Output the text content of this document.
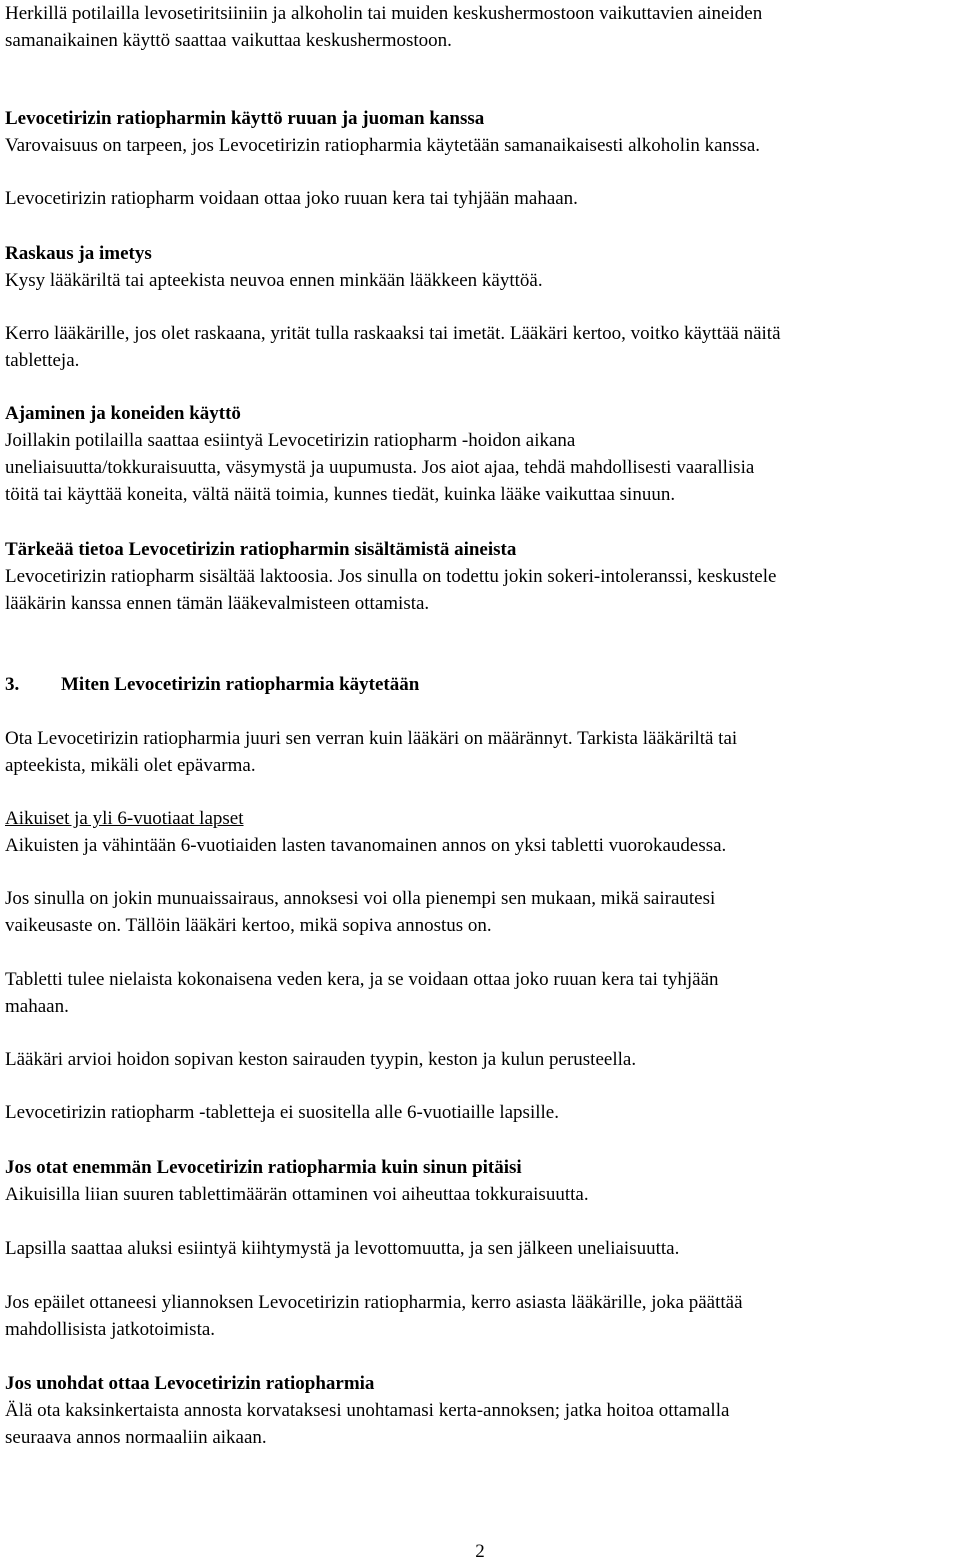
Herkillä potilailla levosetiritsiiniin ja alkoholin tai muiden keskushermostoon vaikuttavien aineiden
samanaikainen käyttö saattaa vaikuttaa keskushermostoon.

Levocetirizin ratiopharmin käyttö ruuan ja juoman kanssa
Varovaisuus on tarpeen, jos Levocetirizin ratiopharmia käytetään samanaikaisesti alkoholin kanssa.

Levocetirizin ratiopharm voidaan ottaa joko ruuan kera tai tyhjään mahaan.

Raskaus ja imetys
Kysy lääkäriltä tai apteekista neuvoa ennen minkään lääkkeen käyttöä.

Kerro lääkärille, jos olet raskaana, yrität tulla raskaaksi tai imetät. Lääkäri kertoo, voitko käyttää näitä
tabletteja.

Ajaminen ja koneiden käyttö
Joillakin potilailla saattaa esiintyä Levocetirizin ratiopharm -hoidon aikana
uneliaisuutta/tokkuraisuutta, väsymystä ja uupumusta. Jos aiot ajaa, tehdä mahdollisesti vaarallisia
töitä tai käyttää koneita, vältä näitä toimia, kunnes tiedät, kuinka lääke vaikuttaa sinuun.

Tärkeää tietoa Levocetirizin ratiopharmin sisältämistä aineista
Levocetirizin ratiopharm sisältää laktoosia. Jos sinulla on todettu jokin sokeri-intoleranssi, keskustele
lääkärin kanssa ennen tämän lääkevalmisteen ottamista.

3. Miten Levocetirizin ratiopharmia käytetään

Ota Levocetirizin ratiopharmia juuri sen verran kuin lääkäri on määrännyt. Tarkista lääkäriltä tai
apteekista, mikäli olet epävarma.

Aikuiset ja yli 6-vuotiaat lapset
Aikuisten ja vähintään 6-vuotiaiden lasten tavanomainen annos on yksi tabletti vuorokaudessa.

Jos sinulla on jokin munuaissairaus, annoksesi voi olla pienempi sen mukaan, mikä sairautesi
vaikeusaste on. Tällöin lääkäri kertoo, mikä sopiva annostus on.

Tabletti tulee nielaista kokonaisena veden kera, ja se voidaan ottaa joko ruuan kera tai tyhjään
mahaan.

Lääkäri arvioi hoidon sopivan keston sairauden tyypin, keston ja kulun perusteella.

Levocetirizin ratiopharm -tabletteja ei suositella alle 6-vuotiaille lapsille.

Jos otat enemmän Levocetirizin ratiopharmia kuin sinun pitäisi
Aikuisilla liian suuren tablettimäärän ottaminen voi aiheuttaa tokkuraisuutta.

Lapsilla saattaa aluksi esiintyä kiihtymystä ja levottomuutta, ja sen jälkeen uneliaisuutta.

Jos epäilet ottaneesi yliannoksen Levocetirizin ratiopharmia, kerro asiasta lääkärille, joka päättää
mahdollisista jatkotoimista.

Jos unohdat ottaa Levocetirizin ratiopharmia
Älä ota kaksinkertaista annosta korvataksesi unohtamasi kerta-annoksen; jatka hoitoa ottamalla
seuraava annos normaaliin aikaan.

2
